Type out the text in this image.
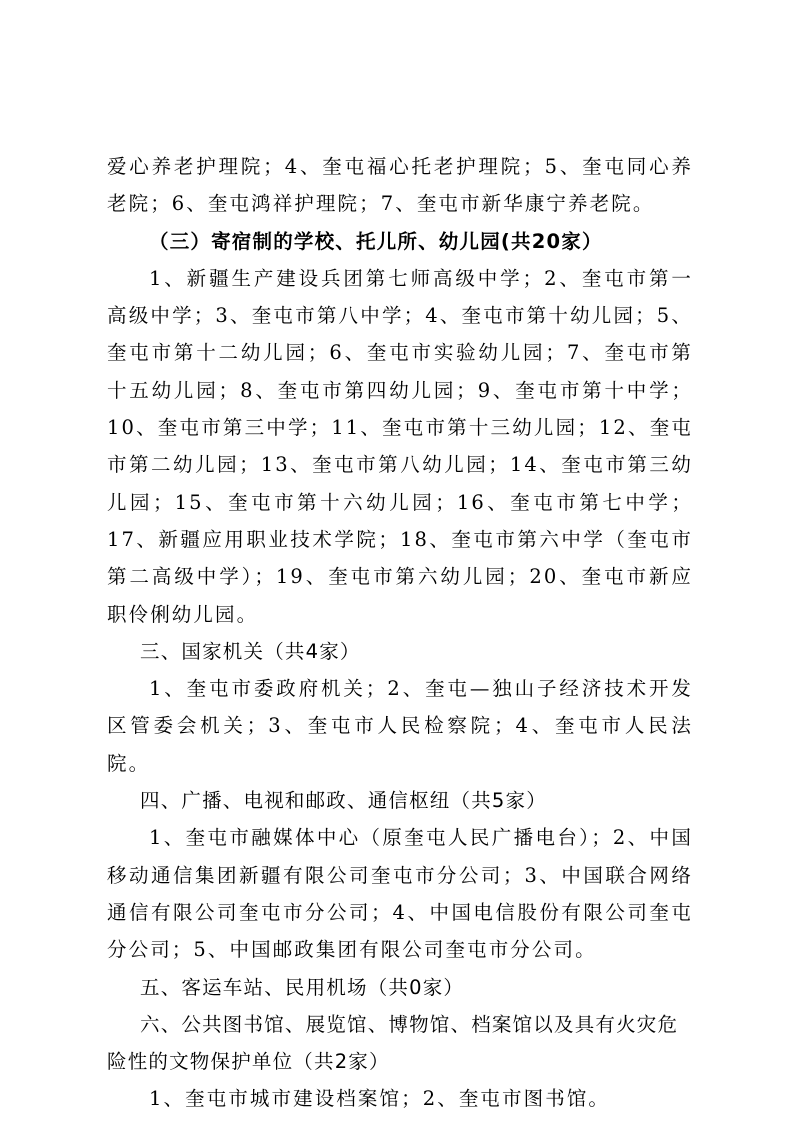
爱心养老护理院；4、奎屯福心托老护理院；5、奎屯同心养老院；6、奎屯鸿祥护理院；7、奎屯市新华康宁养老院。

（三）寄宿制的学校、托儿所、幼儿园(共20家）

1、新疆生产建设兵团第七师高级中学；2、奎屯市第一高级中学；3、奎屯市第八中学；4、奎屯市第十幼儿园；5、奎屯市第十二幼儿园；6、奎屯市实验幼儿园；7、奎屯市第十五幼儿园；8、奎屯市第四幼儿园；9、奎屯市第十中学；10、奎屯市第三中学；11、奎屯市第十三幼儿园；12、奎屯市第二幼儿园；13、奎屯市第八幼儿园；14、奎屯市第三幼儿园；15、奎屯市第十六幼儿园；16、奎屯市第七中学；17、新疆应用职业技术学院；18、奎屯市第六中学（奎屯市第二高级中学）；19、奎屯市第六幼儿园；20、奎屯市新应职伶俐幼儿园。

三、国家机关（共4家）

1、奎屯市委政府机关；2、奎屯—独山子经济技术开发区管委会机关；3、奎屯市人民检察院；4、奎屯市人民法院。

四、广播、电视和邮政、通信枢纽（共5家）

1、奎屯市融媒体中心（原奎屯人民广播电台）；2、中国移动通信集团新疆有限公司奎屯市分公司；3、中国联合网络通信有限公司奎屯市分公司；4、中国电信股份有限公司奎屯分公司；5、中国邮政集团有限公司奎屯市分公司。

五、客运车站、民用机场（共0家）

六、公共图书馆、展览馆、博物馆、档案馆以及具有火灾危险性的文物保护单位（共2家）

1、奎屯市城市建设档案馆；2、奎屯市图书馆。
